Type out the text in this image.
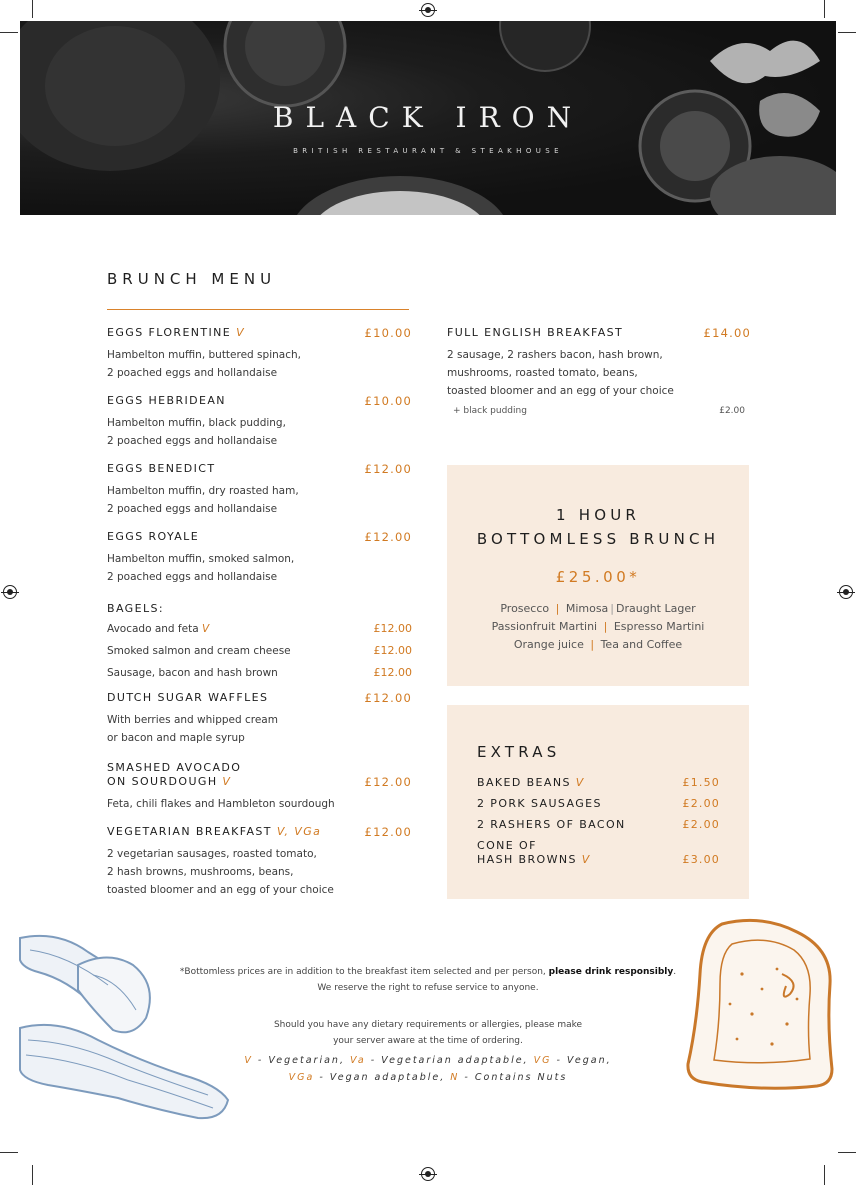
BLACK IRON
BRITISH RESTAURANT & STEAKHOUSE
BRUNCH MENU
EGGS FLORENTINE V	£10.00
Hambelton muffin, buttered spinach,
2 poached eggs and hollandaise
EGGS HEBRIDEAN	£10.00
Hambelton muffin, black pudding,
2 poached eggs and hollandaise
EGGS BENEDICT	£12.00
Hambelton muffin, dry roasted ham,
2 poached eggs and hollandaise
EGGS ROYALE	£12.00
Hambelton muffin, smoked salmon,
2 poached eggs and hollandaise
BAGELS:
Avocado and feta V	£12.00
Smoked salmon and cream cheese	£12.00
Sausage, bacon and hash brown	£12.00
DUTCH SUGAR WAFFLES	£12.00
With berries and whipped cream
or bacon and maple syrup
SMASHED AVOCADO
ON SOURDOUGH V	£12.00
Feta, chili flakes and Hambleton sourdough
VEGETARIAN BREAKFAST V, VGa	£12.00
2 vegetarian sausages, roasted tomato,
2 hash browns, mushrooms, beans,
toasted bloomer and an egg of your choice
FULL ENGLISH BREAKFAST	£14.00
2 sausage, 2 rashers bacon, hash brown,
mushrooms, roasted tomato, beans,
toasted bloomer and an egg of your choice
+ black pudding	£2.00
1 HOUR
BOTTOMLESS BRUNCH
£25.00*
Prosecco | Mimosa | Draught Lager
Passionfruit Martini | Espresso Martini
Orange juice | Tea and Coffee
EXTRAS
BAKED BEANS V	£1.50
2 PORK SAUSAGES	£2.00
2 RASHERS OF BACON	£2.00
CONE OF
HASH BROWNS V	£3.00
*Bottomless prices are in addition to the breakfast item selected and per person, please drink responsibly.
We reserve the right to refuse service to anyone.
Should you have any dietary requirements or allergies, please make
your server aware at the time of ordering.
V - Vegetarian, Va - Vegetarian adaptable, VG - Vegan,
VGa - Vegan adaptable, N - Contains Nuts
